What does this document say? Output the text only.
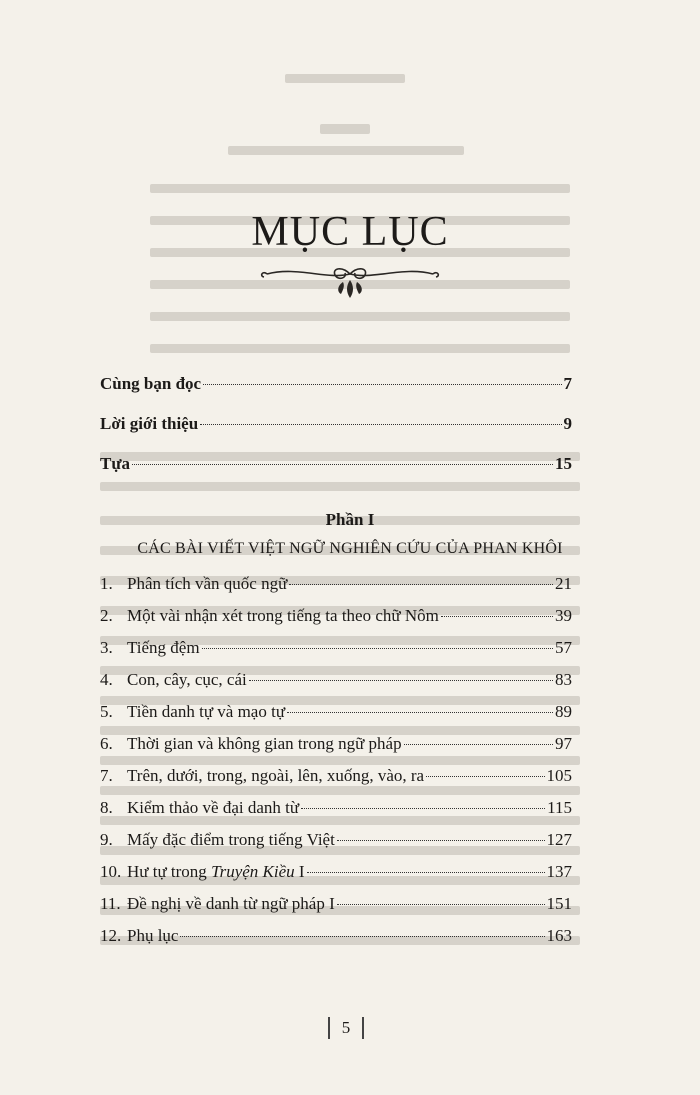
MỤC LỤC
Cùng bạn đọc	7
Lời giới thiệu	9
Tựa	15
Phần I
CÁC BÀI VIẾT VIỆT NGỮ NGHIÊN CỨU CỦA PHAN KHÔI
1. Phân tích vần quốc ngữ	21
2. Một vài nhận xét trong tiếng ta theo chữ Nôm	39
3. Tiếng đệm	57
4. Con, cây, cục, cái	83
5. Tiền danh tự và mạo tự	89
6. Thời gian và không gian trong ngữ pháp	97
7. Trên, dưới, trong, ngoài, lên, xuống, vào, ra	105
8. Kiểm thảo về đại danh từ	115
9. Mấy đặc điểm trong tiếng Việt	127
10. Hư tự trong Truyện Kiều I	137
11. Đề nghị về danh từ ngữ pháp I	151
12. Phụ lục	163
5
